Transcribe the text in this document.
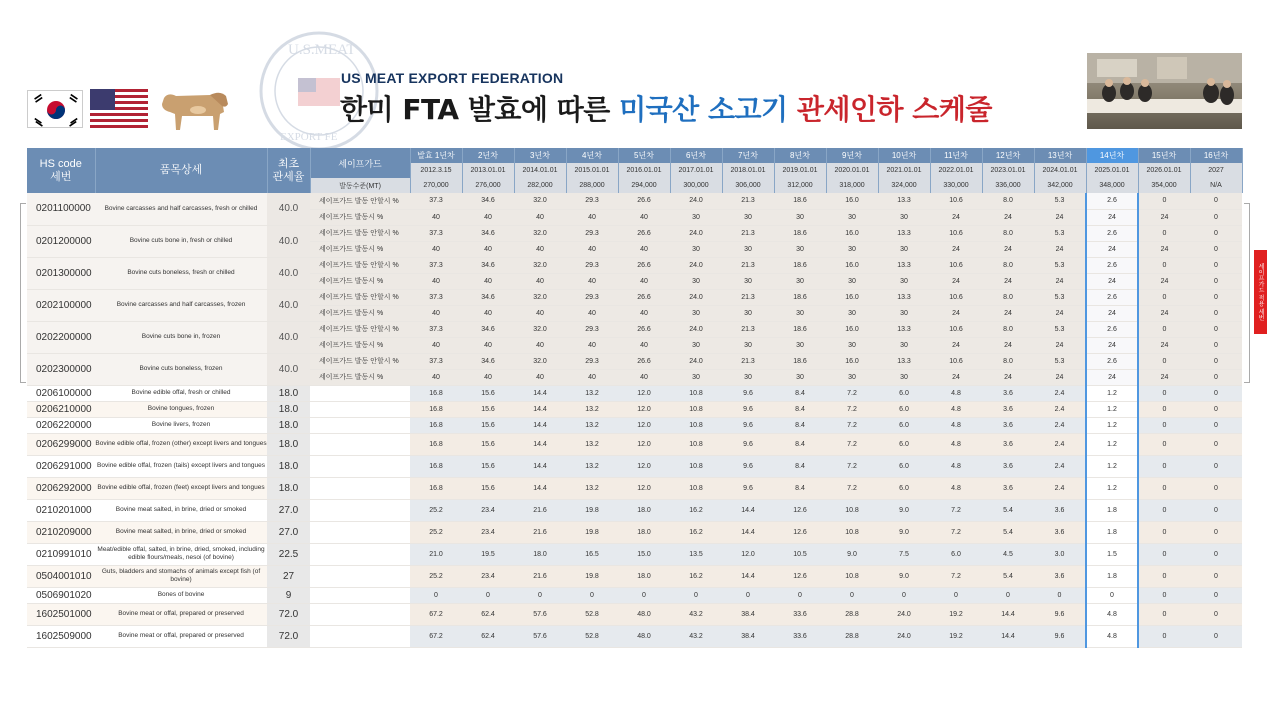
U.S.MEAT
EXPORT FE
US MEAT EXPORT FEDERATION
한미 FTA 발효에 따른 미국산 소고기 관세인하 스케줄
세이프가드 적용 세번
HS code
세번	품목상세	최초
관세율	세이프가드	발효 1년차	2년차	3년차	4년차	5년차	6년차	7년차	8년차	9년차	10년차	11년차	12년차	13년차	14년차	15년차	16년차
				2012.3.15	2013.01.01	2014.01.01	2015.01.01	2016.01.01	2017.01.01	2018.01.01	2019.01.01	2020.01.01	2021.01.01	2022.01.01	2023.01.01	2024.01.01	2025.01.01	2026.01.01	2027
			발동수준(MT)	270,000	276,000	282,000	288,000	294,000	300,000	306,000	312,000	318,000	324,000	330,000	336,000	342,000	348,000	354,000	N/A
0201100000	Bovine carcasses and half carcasses, fresh or chilled	40.0	세이프가드 발동 안할시 %	37.3	34.6	32.0	29.3	26.6	24.0	21.3	18.6	16.0	13.3	10.6	8.0	5.3	2.6	0	0
			세이프가드 발동시 %	40	40	40	40	40	30	30	30	30	30	24	24	24	24	24	0
0201200000	Bovine cuts bone in, fresh or chilled	40.0	세이프가드 발동 안할시 %	37.3	34.6	32.0	29.3	26.6	24.0	21.3	18.6	16.0	13.3	10.6	8.0	5.3	2.6	0	0
			세이프가드 발동시 %	40	40	40	40	40	30	30	30	30	30	24	24	24	24	24	0
0201300000	Bovine cuts boneless, fresh or chilled	40.0	세이프가드 발동 안할시 %	37.3	34.6	32.0	29.3	26.6	24.0	21.3	18.6	16.0	13.3	10.6	8.0	5.3	2.6	0	0
			세이프가드 발동시 %	40	40	40	40	40	30	30	30	30	30	24	24	24	24	24	0
0202100000	Bovine carcasses and half carcasses, frozen	40.0	세이프가드 발동 안할시 %	37.3	34.6	32.0	29.3	26.6	24.0	21.3	18.6	16.0	13.3	10.6	8.0	5.3	2.6	0	0
			세이프가드 발동시 %	40	40	40	40	40	30	30	30	30	30	24	24	24	24	24	0
0202200000	Bovine cuts bone in, frozen	40.0	세이프가드 발동 안할시 %	37.3	34.6	32.0	29.3	26.6	24.0	21.3	18.6	16.0	13.3	10.6	8.0	5.3	2.6	0	0
			세이프가드 발동시 %	40	40	40	40	40	30	30	30	30	30	24	24	24	24	24	0
0202300000	Bovine cuts boneless, frozen	40.0	세이프가드 발동 안할시 %	37.3	34.6	32.0	29.3	26.6	24.0	21.3	18.6	16.0	13.3	10.6	8.0	5.3	2.6	0	0
			세이프가드 발동시 %	40	40	40	40	40	30	30	30	30	30	24	24	24	24	24	0
0206100000	Bovine edible offal, fresh or chilled	18.0		16.8	15.6	14.4	13.2	12.0	10.8	9.6	8.4	7.2	6.0	4.8	3.6	2.4	1.2	0	0
0206210000	Bovine tongues, frozen	18.0		16.8	15.6	14.4	13.2	12.0	10.8	9.6	8.4	7.2	6.0	4.8	3.6	2.4	1.2	0	0
0206220000	Bovine livers, frozen	18.0		16.8	15.6	14.4	13.2	12.0	10.8	9.6	8.4	7.2	6.0	4.8	3.6	2.4	1.2	0	0
0206299000	Bovine edible offal, frozen (other) except livers and tongues	18.0		16.8	15.6	14.4	13.2	12.0	10.8	9.6	8.4	7.2	6.0	4.8	3.6	2.4	1.2	0	0
0206291000	Bovine edible offal, frozen (tails) except livers and tongues	18.0		16.8	15.6	14.4	13.2	12.0	10.8	9.6	8.4	7.2	6.0	4.8	3.6	2.4	1.2	0	0
0206292000	Bovine edible offal, frozen (feet) except livers and tongues	18.0		16.8	15.6	14.4	13.2	12.0	10.8	9.6	8.4	7.2	6.0	4.8	3.6	2.4	1.2	0	0
0210201000	Bovine meat salted, in brine, dried or smoked	27.0		25.2	23.4	21.6	19.8	18.0	16.2	14.4	12.6	10.8	9.0	7.2	5.4	3.6	1.8	0	0
0210209000	Bovine meat salted, in brine, dried or smoked	27.0		25.2	23.4	21.6	19.8	18.0	16.2	14.4	12.6	10.8	9.0	7.2	5.4	3.6	1.8	0	0
0210991010	Meat/edible offal, salted, in brine, dried, smoked, including edible flours/meals, nesoi (of bovine)	22.5		21.0	19.5	18.0	16.5	15.0	13.5	12.0	10.5	9.0	7.5	6.0	4.5	3.0	1.5	0	0
0504001010	Guts, bladders and stomachs of animals except fish (of bovine)	27		25.2	23.4	21.6	19.8	18.0	16.2	14.4	12.6	10.8	9.0	7.2	5.4	3.6	1.8	0	0
0506901020	Bones of bovine	9		0	0	0	0	0	0	0	0	0	0	0	0	0	0	0	0
1602501000	Bovine meat or offal, prepared or preserved	72.0		67.2	62.4	57.6	52.8	48.0	43.2	38.4	33.6	28.8	24.0	19.2	14.4	9.6	4.8	0	0
1602509000	Bovine meat or offal, prepared or preserved	72.0		67.2	62.4	57.6	52.8	48.0	43.2	38.4	33.6	28.8	24.0	19.2	14.4	9.6	4.8	0	0
